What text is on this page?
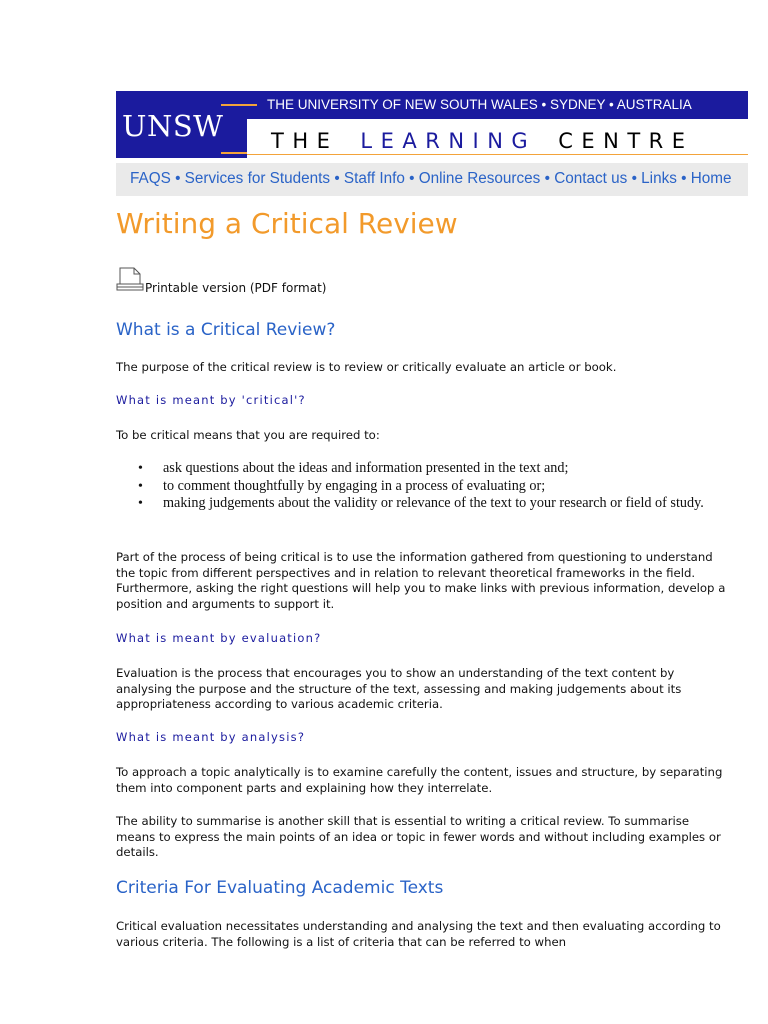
UNSW
THE UNIVERSITY OF NEW SOUTH WALES • SYDNEY • AUSTRALIA
THE LEARNING CENTRE
FAQS • Services for Students • Staff Info • Online Resources • Contact us • Links • Home
Writing a Critical Review
Printable version (PDF format)
What is a Critical Review?

The purpose of the critical review is to review or critically evaluate an article or book.

What is meant by 'critical'?

To be critical means that you are required to:

• ask questions about the ideas and information presented in the text and;
• to comment thoughtfully by engaging in a process of evaluating or;
• making judgements about the validity or relevance of the text to your research or field of study.

Part of the process of being critical is to use the information gathered from questioning to understand the topic from different perspectives and in relation to relevant theoretical frameworks in the field. Furthermore, asking the right questions will help you to make links with previous information, develop a position and arguments to support it.

What is meant by evaluation?

Evaluation is the process that encourages you to show an understanding of the text content by analysing the purpose and the structure of the text, assessing and making judgements about its appropriateness according to various academic criteria.

What is meant by analysis?

To approach a topic analytically is to examine carefully the content, issues and structure, by separating them into component parts and explaining how they interrelate.

The ability to summarise is another skill that is essential to writing a critical review. To summarise means to express the main points of an idea or topic in fewer words and without including examples or details.

Criteria For Evaluating Academic Texts

Critical evaluation necessitates understanding and analysing the text and then evaluating according to various criteria. The following is a list of criteria that can be referred to when
